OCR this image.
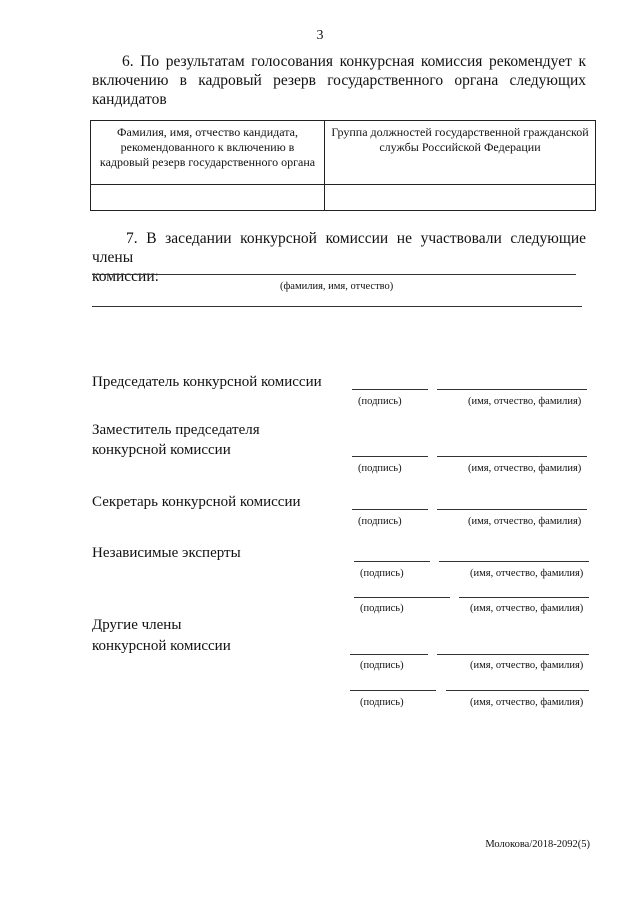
3
6. По результатам голосования конкурсная комиссия рекомендует к
включению в кадровый резерв государственного органа следующих
кандидатов
Фамилия, имя, отчество кандидата, рекомендованного к включению в кадровый резерв государственного органа	Группа должностей государственной гражданской службы Российской Федерации

7. В заседании конкурсной комиссии не участвовали следующие члены
комиссии:
(фамилия, имя, отчество)
Председатель конкурсной комиссии
(подпись)	(имя, отчество, фамилия)
Заместитель председателя
конкурсной комиссии
(подпись)	(имя, отчество, фамилия)
Секретарь конкурсной комиссии
(подпись)	(имя, отчество, фамилия)
Независимые эксперты
(подпись)	(имя, отчество, фамилия)
(подпись)	(имя, отчество, фамилия)
Другие члены
конкурсной комиссии
(подпись)	(имя, отчество, фамилия)
(подпись)	(имя, отчество, фамилия)
Молокова/2018-2092(5)
